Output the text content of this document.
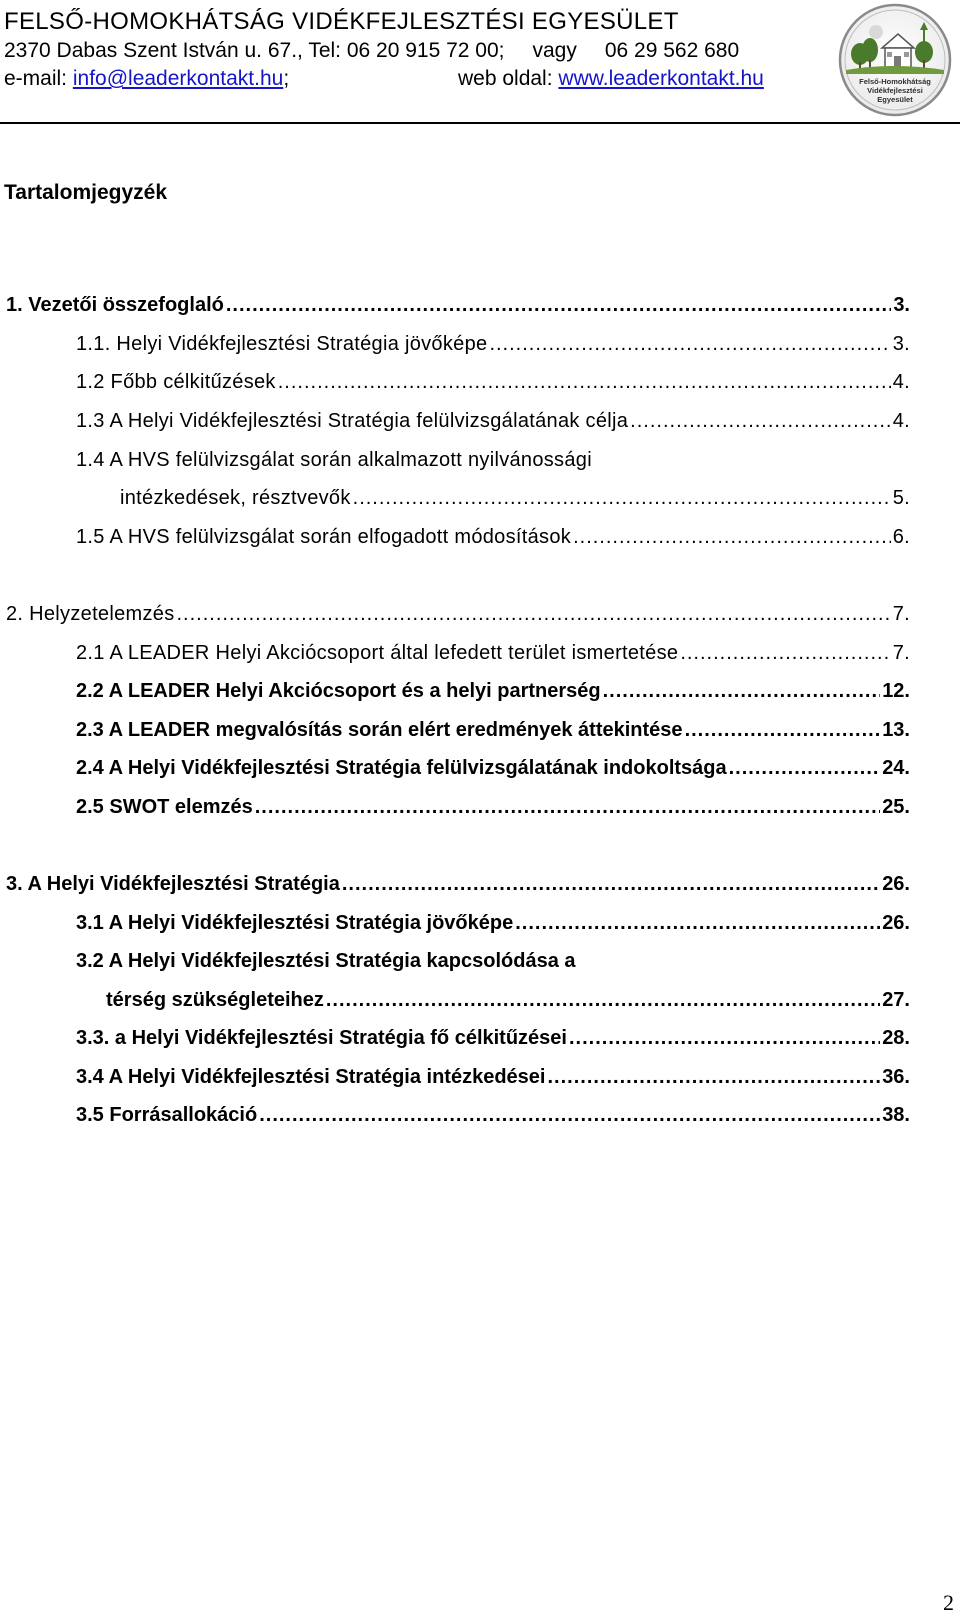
FELSŐ-HOMOKHÁTSÁG VIDÉKFEJLESZTÉSI EGYESÜLET
2370 Dabas Szent István u. 67., Tel: 06 20 915 72 00; vagy 06 29 562 680
e-mail: info@leaderkontakt.hu;	web oldal: www.leaderkontakt.hu	Felső-Homokhátság
Vidékfejlesztési
Egyesület
Tartalomjegyzék
1. Vezetői összefoglaló .....	3.
1.1. Helyi Vidékfejlesztési Stratégia jövőképe .....	3.
1.2 Főbb célkitűzések .....	4.
1.3 A Helyi Vidékfejlesztési Stratégia felülvizsgálatának célja .....	4.
1.4 A HVS felülvizsgálat során alkalmazott nyilvánossági
intézkedések, résztvevők .....	5.
1.5 A HVS felülvizsgálat során elfogadott módosítások .....	6.
2. Helyzetelemzés .....	7.
2.1 A LEADER Helyi Akciócsoport által lefedett terület ismertetése .....	7.
2.2 A LEADER Helyi Akciócsoport és a helyi partnerség .....	12.
2.3 A LEADER megvalósítás során elért eredmények áttekintése .....	13.
2.4 A Helyi Vidékfejlesztési Stratégia felülvizsgálatának indokoltsága .....	24.
2.5 SWOT elemzés .....	25.
3. A Helyi Vidékfejlesztési Stratégia .....	26.
3.1 A Helyi Vidékfejlesztési Stratégia jövőképe .....	26.
3.2 A Helyi Vidékfejlesztési Stratégia kapcsolódása a
térség szükségleteihez .....	27.
3.3. a Helyi Vidékfejlesztési Stratégia fő célkitűzései .....	28.
3.4 A Helyi Vidékfejlesztési Stratégia intézkedései .....	36.
3.5 Forrásallokáció .....	38.
2
